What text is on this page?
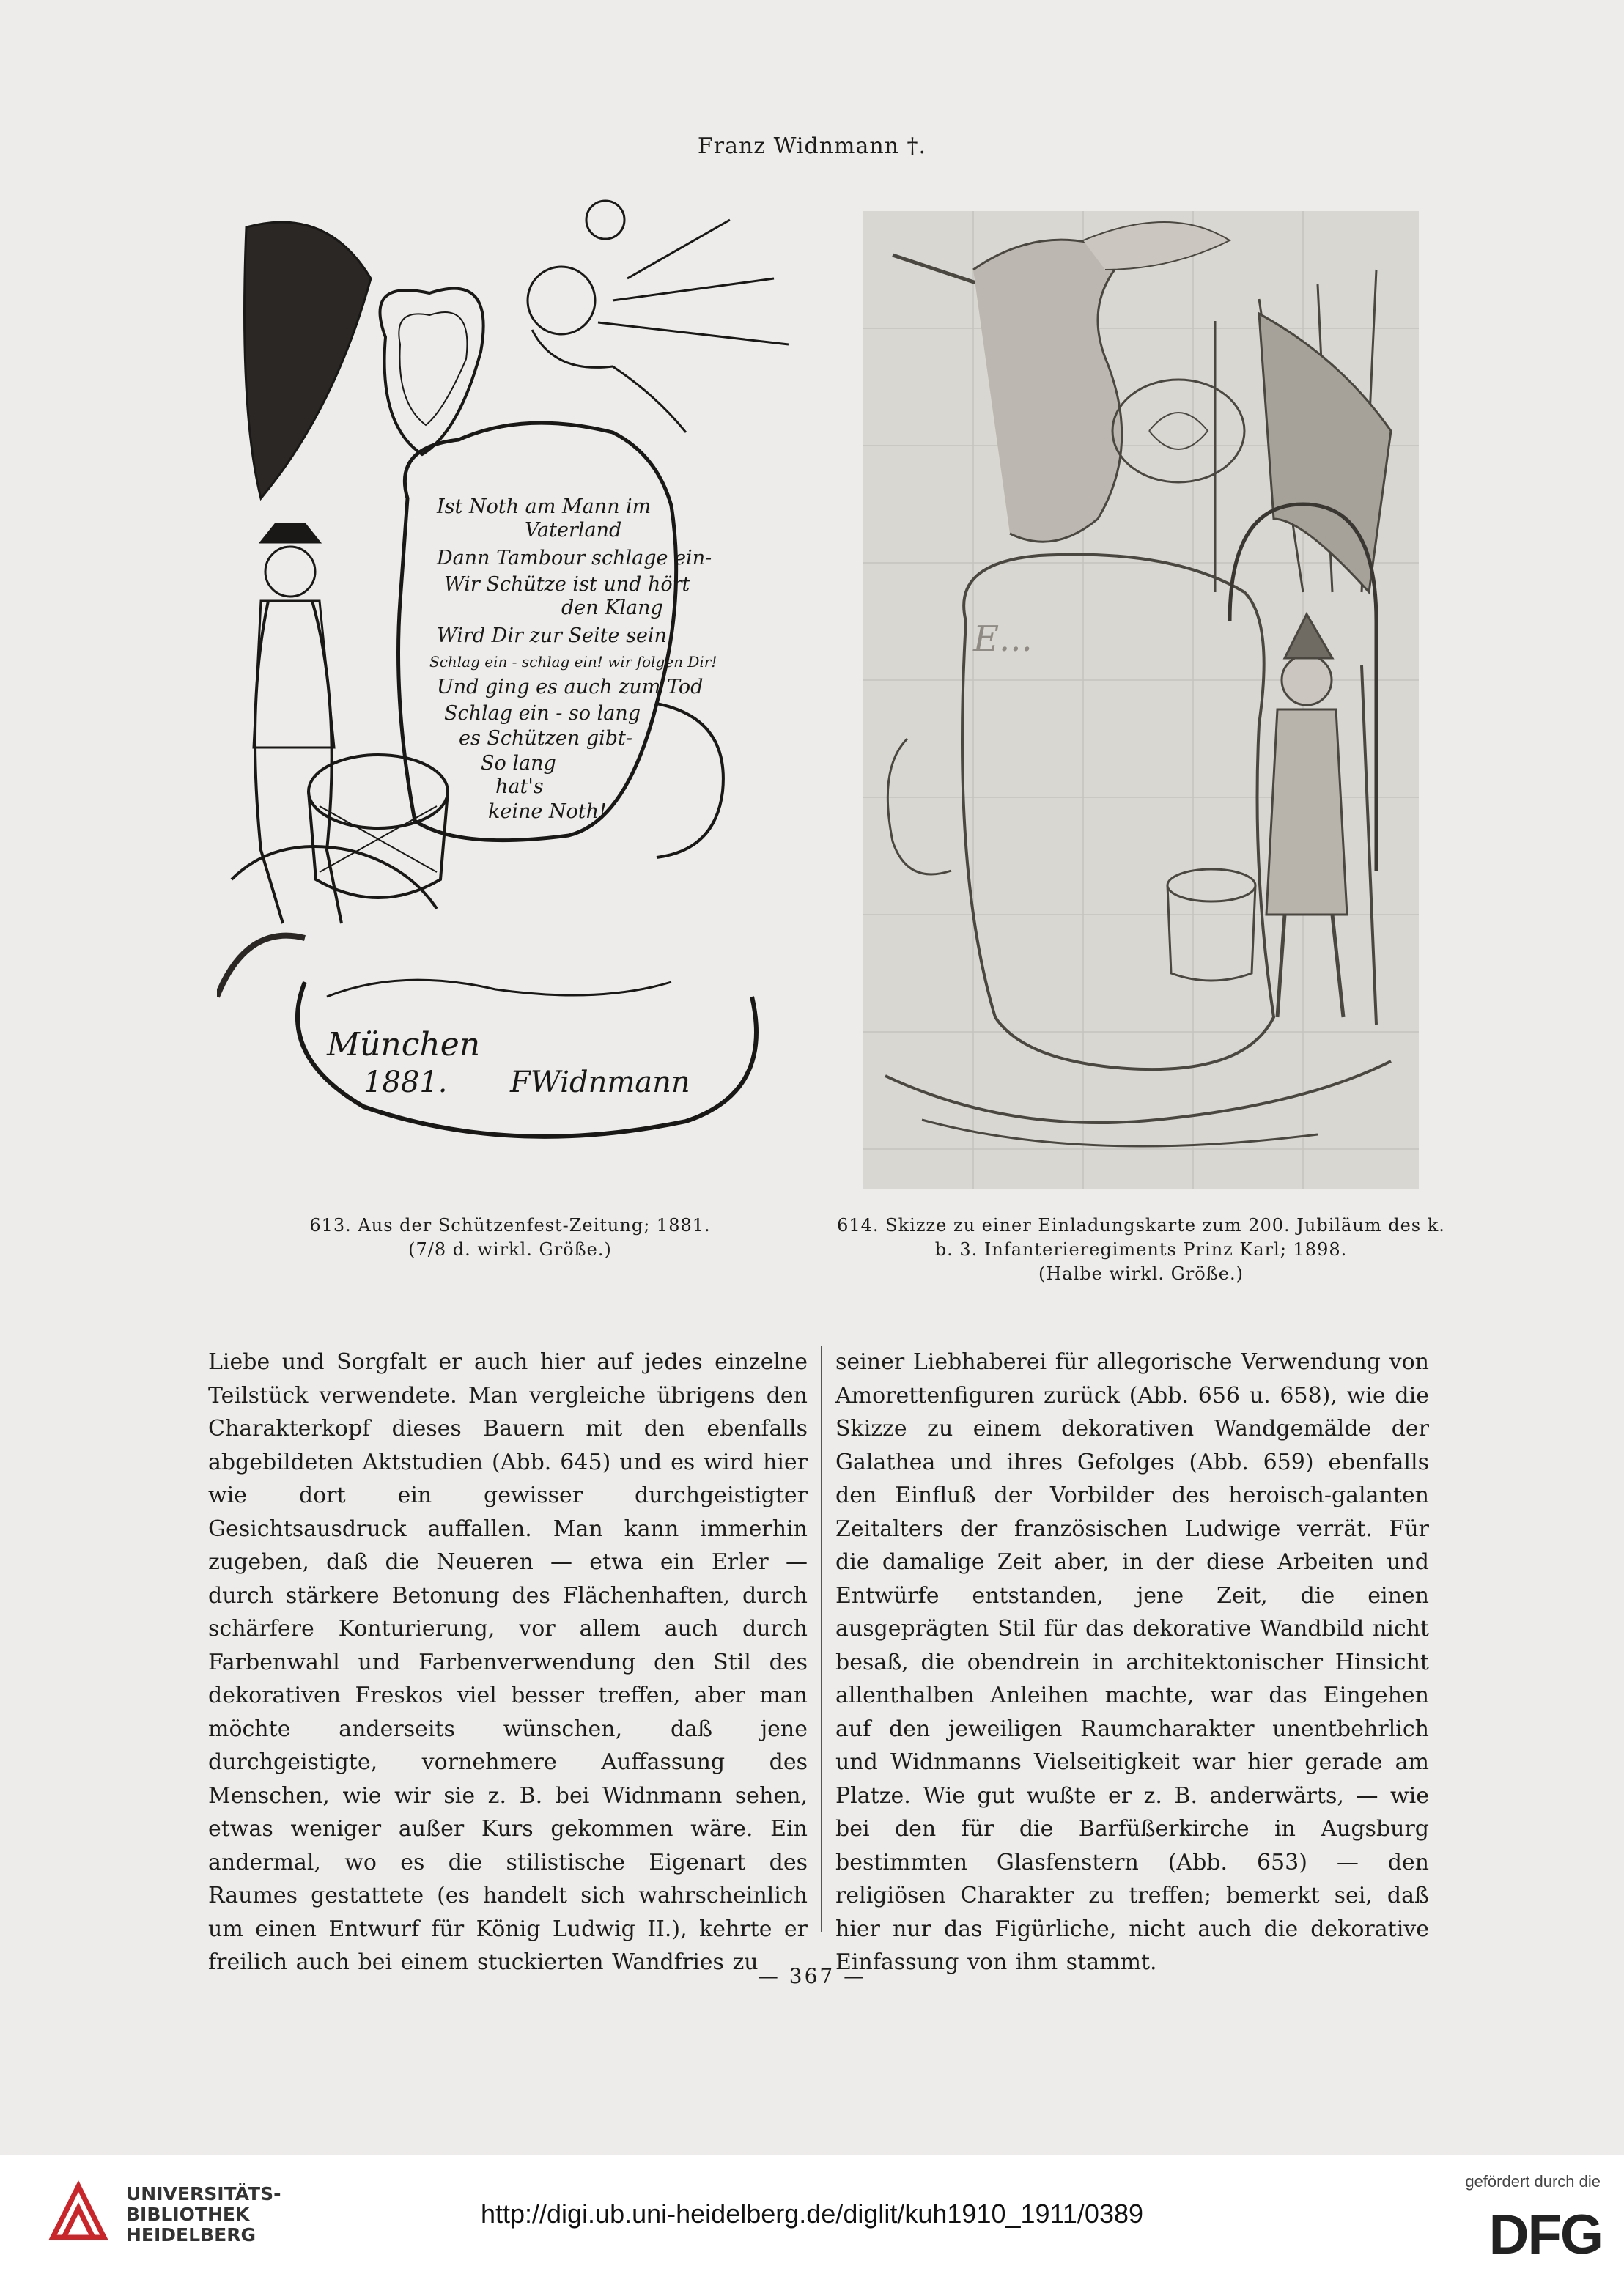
Franz Widnmann †.
Ist Noth am Mann im
Vaterland
Dann Tambour schlage ein-
Wir Schütze ist und hört
den Klang
Wird Dir zur Seite sein
Schlag ein - schlag ein! wir folgen Dir!
Und ging es auch zum Tod
Schlag ein - so lang
es Schützen gibt-
So lang
hat's
keine Noth!
München
1881. FWidnmann
E...
613. Aus der Schützenfest-Zeitung; 1881.
(7/8 d. wirkl. Größe.)
614. Skizze zu einer Einladungskarte zum 200. Jubiläum des k. b. 3. Infanterieregiments Prinz Karl; 1898.
(Halbe wirkl. Größe.)
Liebe und Sorgfalt er auch hier auf jedes einzelne Teilstück verwendete. Man vergleiche übrigens den Charakterkopf dieses Bauern mit den ebenfalls abgebildeten Aktstudien (Abb. 645) und es wird hier wie dort ein gewisser durchgeistigter Gesichtsausdruck auffallen. Man kann immerhin zugeben, daß die Neueren — etwa ein Erler — durch stärkere Betonung des Flächenhaften, durch schärfere Konturierung, vor allem auch durch Farbenwahl und Farbenverwendung den Stil des dekorativen Freskos viel besser treffen, aber man möchte anderseits wünschen, daß jene durchgeistigte, vornehmere Auffassung des Menschen, wie wir sie z. B. bei Widnmann sehen, etwas weniger außer Kurs gekommen wäre. Ein andermal, wo es die stilistische Eigenart des Raumes gestattete (es handelt sich wahrscheinlich um einen Entwurf für König Ludwig II.), kehrte er freilich auch bei einem stuckierten Wandfries zu
seiner Liebhaberei für allegorische Verwendung von Amorettenfiguren zurück (Abb. 656 u. 658), wie die Skizze zu einem dekorativen Wandgemälde der Galathea und ihres Gefolges (Abb. 659) ebenfalls den Einfluß der Vorbilder des heroisch-galanten Zeitalters der französischen Ludwige verrät. Für die damalige Zeit aber, in der diese Arbeiten und Entwürfe entstanden, jene Zeit, die einen ausgeprägten Stil für das dekorative Wandbild nicht besaß, die obendrein in architektonischer Hinsicht allenthalben Anleihen machte, war das Eingehen auf den jeweiligen Raumcharakter unentbehrlich und Widnmanns Vielseitigkeit war hier gerade am Platze. Wie gut wußte er z. B. anderwärts, — wie bei den für die Barfüßerkirche in Augsburg bestimmten Glasfenstern (Abb. 653) — den religiösen Charakter zu treffen; bemerkt sei, daß hier nur das Figürliche, nicht auch die dekorative Einfassung von ihm stammt.
— 367 —
UNIVERSITÄTS-
BIBLIOTHEK
HEIDELBERG
http://digi.ub.uni-heidelberg.de/diglit/kuh1910_1911/0389
gefördert durch die
DFG
